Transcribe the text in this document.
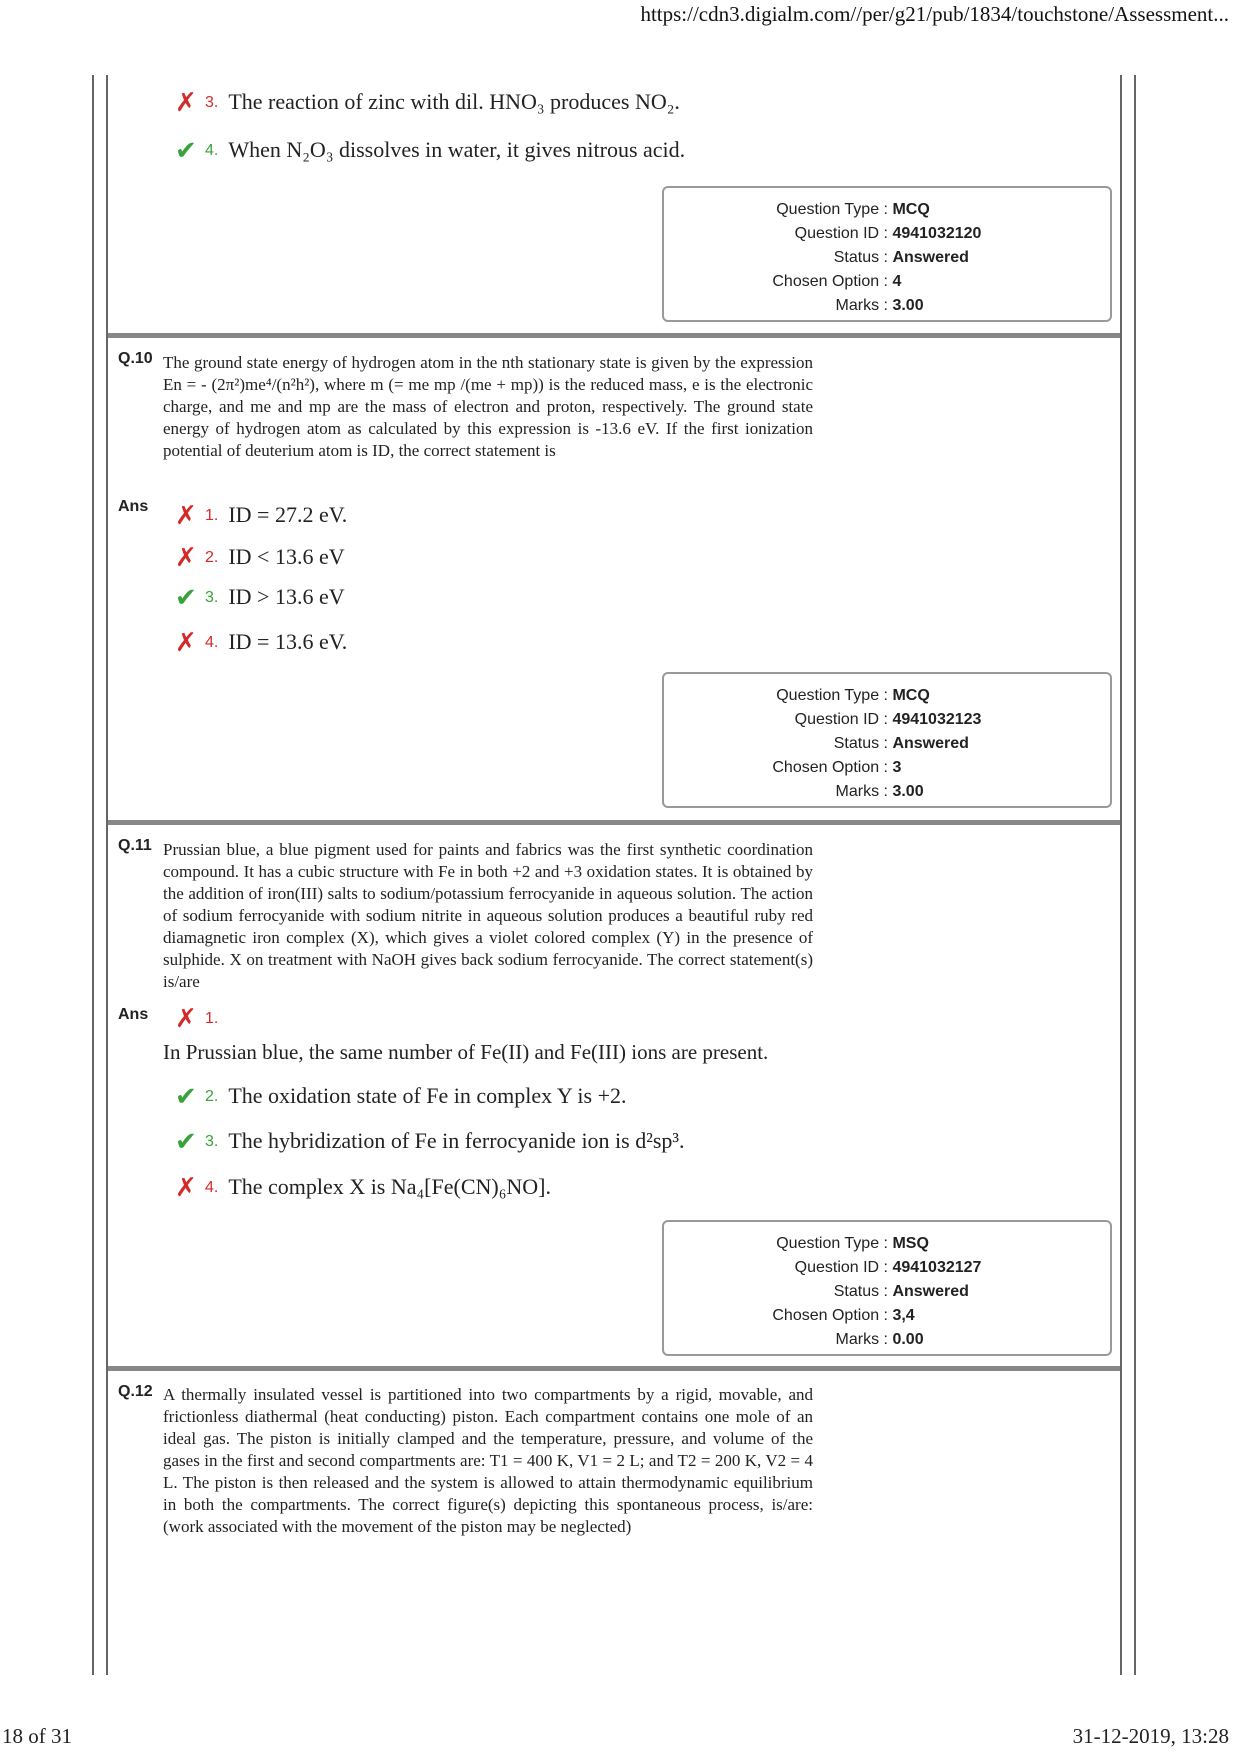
https://cdn3.digialm.com//per/g21/pub/1834/touchstone/Assessment...
✗ 3. The reaction of zinc with dil. HNO₃ produces NO₂.
✔ 4. When N₂O₃ dissolves in water, it gives nitrous acid.
Question Type : MCQ
Question ID : 4941032120
Status : Answered
Chosen Option : 4
Marks : 3.00
Q.10 The ground state energy of hydrogen atom in the nth stationary state is given by the expression En = - (2π²)me⁴/(n²h²), where m (= me mp /(me + mp)) is the reduced mass, e is the electronic charge, and me and mp are the mass of electron and proton, respectively. The ground state energy of hydrogen atom as calculated by this expression is -13.6 eV. If the first ionization potential of deuterium atom is ID, the correct statement is
Ans ✗ 1. ID = 27.2 eV.
✗ 2. ID < 13.6 eV
✔ 3. ID > 13.6 eV
✗ 4. ID = 13.6 eV.
Question Type : MCQ
Question ID : 4941032123
Status : Answered
Chosen Option : 3
Marks : 3.00
Q.11 Prussian blue, a blue pigment used for paints and fabrics was the first synthetic coordination compound. It has a cubic structure with Fe in both +2 and +3 oxidation states. It is obtained by the addition of iron(III) salts to sodium/potassium ferrocyanide in aqueous solution. The action of sodium ferrocyanide with sodium nitrite in aqueous solution produces a beautiful ruby red diamagnetic iron complex (X), which gives a violet colored complex (Y) in the presence of sulphide. X on treatment with NaOH gives back sodium ferrocyanide. The correct statement(s) is/are
Ans ✗ 1.
In Prussian blue, the same number of Fe(II) and Fe(III) ions are present.
✔ 2. The oxidation state of Fe in complex Y is +2.
✔ 3. The hybridization of Fe in ferrocyanide ion is d²sp³.
✗ 4. The complex X is Na₄[Fe(CN)₆NO].
Question Type : MSQ
Question ID : 4941032127
Status : Answered
Chosen Option : 3,4
Marks : 0.00
Q.12 A thermally insulated vessel is partitioned into two compartments by a rigid, movable, and frictionless diathermal (heat conducting) piston. Each compartment contains one mole of an ideal gas. The piston is initially clamped and the temperature, pressure, and volume of the gases in the first and second compartments are: T1 = 400 K, V1 = 2 L; and T2 = 200 K, V2 = 4 L. The piston is then released and the system is allowed to attain thermodynamic equilibrium in both the compartments. The correct figure(s) depicting this spontaneous process, is/are: (work associated with the movement of the piston may be neglected)
18 of 31	31-12-2019, 13:28
